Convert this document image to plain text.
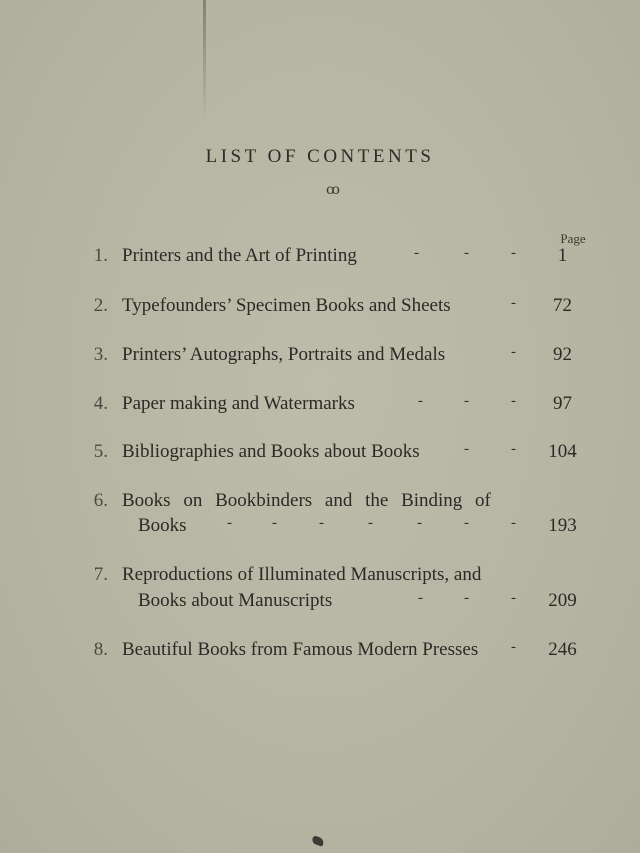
LIST OF CONTENTS
ꝏ
Page
1. Printers and the Art of Printing	-	-	-	1
2. Typefounders’ Specimen Books and Sheets	-	72
3. Printers’ Autographs, Portraits and Medals	-	92
4. Paper making and Watermarks	-	-	-	97
5. Bibliographies and Books about Books	-	-	104
6. Books on Bookbinders and the Binding of
Books	-	-	-	-	-	-	-	193
7. Reproductions of Illuminated Manuscripts, and
Books about Manuscripts	-	-	-	209
8. Beautiful Books from Famous Modern Presses -	246
